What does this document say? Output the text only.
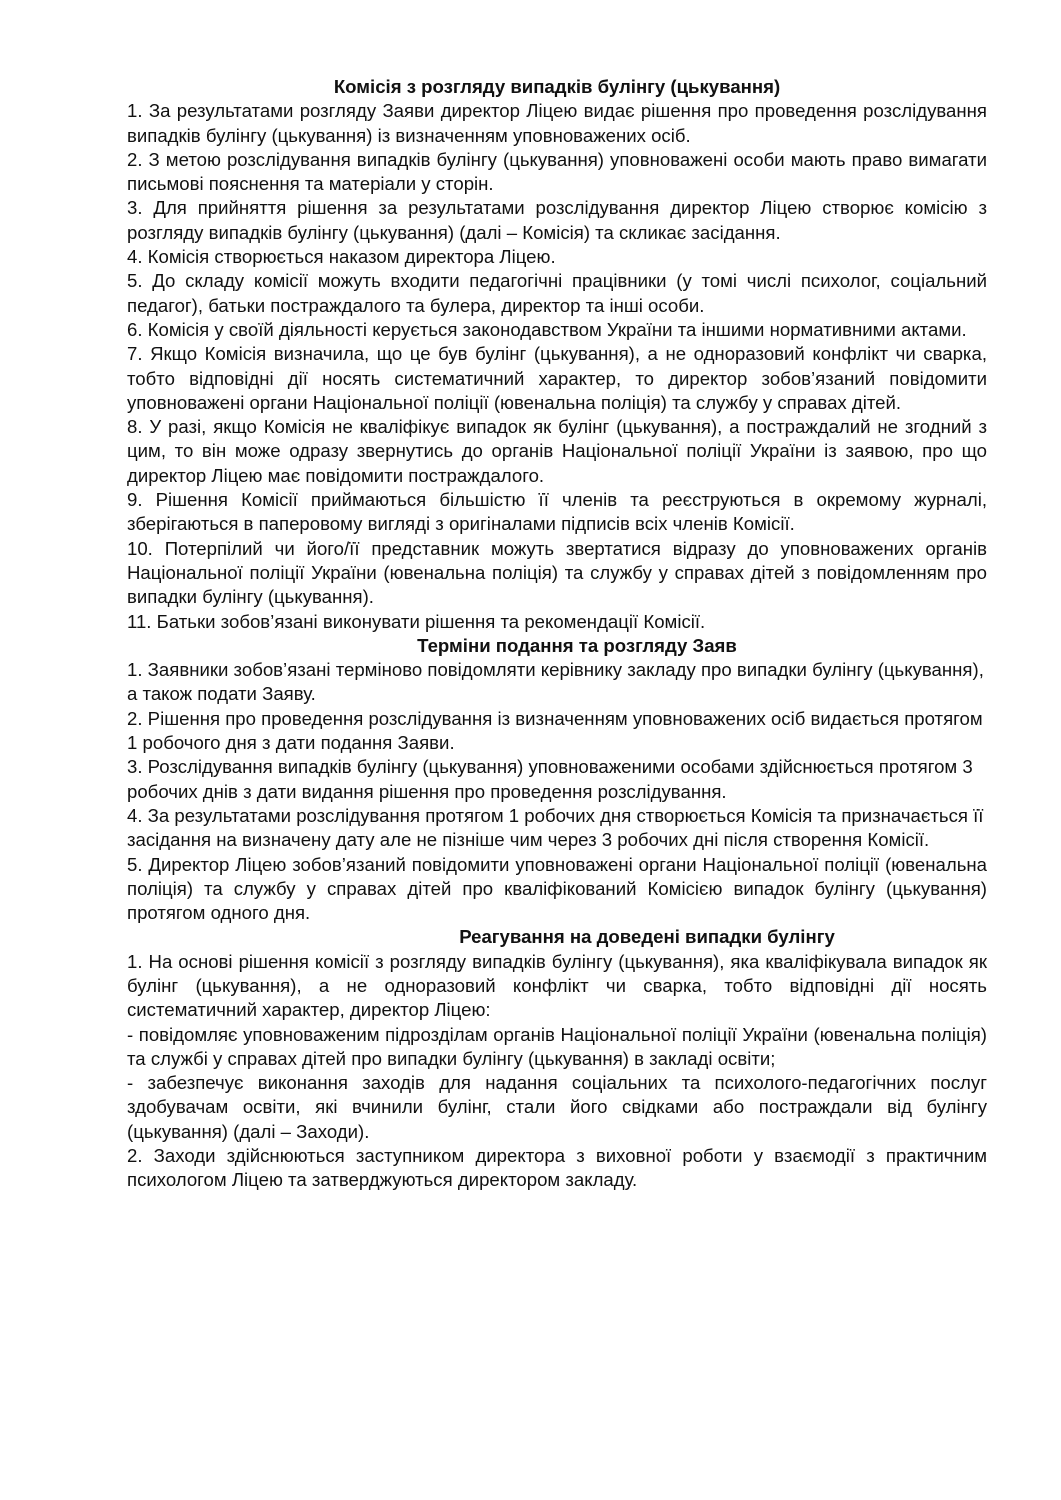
Комісія з розгляду випадків булінгу (цькування)
1. За результатами розгляду Заяви директор Ліцею видає рішення про проведення розслідування випадків булінгу (цькування) із визначенням уповноважених осіб.
2. З метою розслідування випадків булінгу (цькування) уповноважені особи мають право вимагати письмові пояснення та матеріали у сторін.
3. Для прийняття рішення за результатами розслідування директор Ліцею створює комісію з розгляду випадків булінгу (цькування) (далі – Комісія) та скликає засідання.
4. Комісія створюється наказом директора Ліцею.
5. До складу комісії можуть входити педагогічні працівники (у томі числі психолог, соціальний педагог), батьки постраждалого та булера, директор та інші особи.
6. Комісія у своїй діяльності керується законодавством України та іншими нормативними актами.
7. Якщо Комісія визначила, що це був булінг (цькування), а не одноразовий конфлікт чи сварка, тобто відповідні дії носять систематичний характер, то директор зобов’язаний повідомити уповноважені органи Національної поліції (ювенальна поліція) та службу у справах дітей.
8. У разі, якщо Комісія не кваліфікує випадок як булінг (цькування), а постраждалий не згодний з цим, то він може одразу звернутись до органів Національної поліції України із заявою, про що директор Ліцею має повідомити постраждалого.
9. Рішення Комісії приймаються більшістю її членів та реєструються в окремому журналі, зберігаються в паперовому вигляді з оригіналами підписів всіх членів Комісії.
10. Потерпілий чи його/її представник можуть звертатися відразу до уповноважених органів Національної поліції України (ювенальна поліція) та службу у справах дітей з повідомленням про випадки булінгу (цькування).
11. Батьки зобов’язані виконувати рішення та рекомендації Комісії.
Терміни подання та розгляду Заяв
1. Заявники зобов’язані терміново повідомляти керівнику закладу про випадки булінгу (цькування), а також подати Заяву.
2. Рішення про проведення розслідування із визначенням уповноважених осіб видається протягом 1 робочого дня з дати подання Заяви.
3. Розслідування випадків булінгу (цькування) уповноваженими особами здійснюється протягом 3 робочих днів з дати видання рішення про проведення розслідування.
4. За результатами розслідування протягом 1 робочих дня створюється Комісія та призначається її засідання на визначену дату але не пізніше чим через 3 робочих дні після створення Комісії.
5. Директор Ліцею зобов’язаний повідомити уповноважені органи Національної поліції (ювенальна поліція) та службу у справах дітей про кваліфікований Комісією випадок булінгу (цькування) протягом одного дня.
Реагування на доведені випадки булінгу
1. На основі рішення комісії з розгляду випадків булінгу (цькування), яка кваліфікувала випадок як булінг (цькування), а не одноразовий конфлікт чи сварка, тобто відповідні дії носять систематичний характер, директор Ліцею:
- повідомляє уповноваженим підрозділам органів Національної поліції України (ювенальна поліція) та службі у справах дітей про випадки булінгу (цькування) в закладі освіти;
- забезпечує виконання заходів для надання соціальних та психолого-педагогічних послуг здобувачам освіти, які вчинили булінг, стали його свідками або постраждали від булінгу (цькування) (далі – Заходи).
2. Заходи здійснюються заступником директора з виховної роботи у взаємодії з практичним психологом Ліцею та затверджуються директором закладу.
